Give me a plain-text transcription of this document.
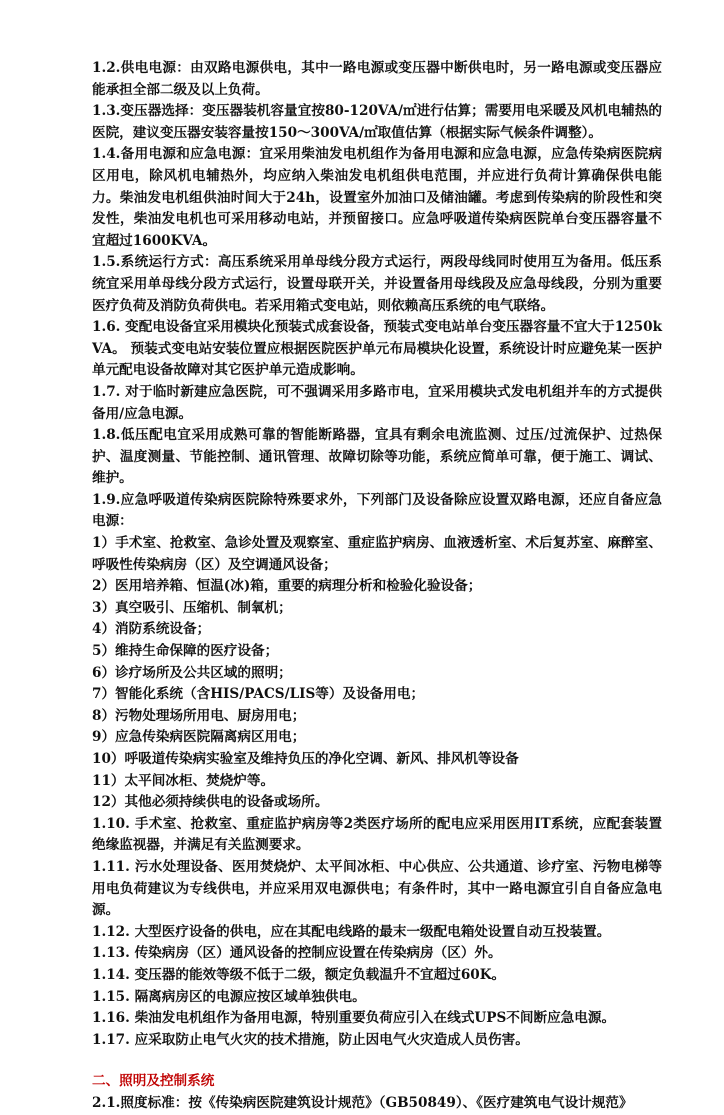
1.2.供电电源：由双路电源供电，其中一路电源或变压器中断供电时，另一路电源或变压器应能承担全部二级及以上负荷。

1.3.变压器选择：变压器装机容量宜按80-120VA/㎡进行估算；需要用电采暖及风机电辅热的医院，建议变压器安装容量按150～300VA/㎡取值估算（根据实际气候条件调整）。

1.4.备用电源和应急电源：宜采用柴油发电机组作为备用电源和应急电源，应急传染病医院病区用电，除风机电辅热外，均应纳入柴油发电机组供电范围，并应进行负荷计算确保供电能力。柴油发电机组供油时间大于24h，设置室外加油口及储油罐。考虑到传染病的阶段性和突发性，柴油发电机也可采用移动电站，并预留接口。应急呼吸道传染病医院单台变压器容量不宜超过1600KVA。

1.5.系统运行方式：高压系统采用单母线分段方式运行，两段母线同时使用互为备用。低压系统宜采用单母线分段方式运行，设置母联开关，并设置备用母线段及应急母线段，分别为重要医疗负荷及消防负荷供电。若采用箱式变电站，则依赖高压系统的电气联络。

1.6. 变配电设备宜采用模块化预装式成套设备，预装式变电站单台变压器容量不宜大于1250kVA。 预装式变电站安装位置应根据医院医护单元布局模块化设置，系统设计时应避免某一医护单元配电设备故障对其它医护单元造成影响。

1.7. 对于临时新建应急医院，可不强调采用多路市电，宜采用模块式发电机组并车的方式提供备用/应急电源。

1.8.低压配电宜采用成熟可靠的智能断路器，宜具有剩余电流监测、过压/过流保护、过热保护、温度测量、节能控制、通讯管理、故障切除等功能，系统应简单可靠，便于施工、调试、维护。

1.9.应急呼吸道传染病医院除特殊要求外，下列部门及设备除应设置双路电源，还应自备应急电源：

1）手术室、抢救室、急诊处置及观察室、重症监护病房、血液透析室、术后复苏室、麻醉室、呼吸性传染病房（区）及空调通风设备；

2）医用培养箱、恒温(冰)箱，重要的病理分析和检验化验设备；

3）真空吸引、压缩机、制氧机；

4）消防系统设备；

5）维持生命保障的医疗设备；

6）诊疗场所及公共区域的照明；

7）智能化系统（含HIS/PACS/LIS等）及设备用电；

8）污物处理场所用电、厨房用电；

9）应急传染病医院隔离病区用电；

10）呼吸道传染病实验室及维持负压的净化空调、新风、排风机等设备

11）太平间冰柜、焚烧炉等。

12）其他必须持续供电的设备或场所。

1.10. 手术室、抢救室、重症监护病房等2类医疗场所的配电应采用医用IT系统，应配套装置绝缘监视器，并满足有关监测要求。

1.11. 污水处理设备、医用焚烧炉、太平间冰柜、中心供应、公共通道、诊疗室、污物电梯等用电负荷建议为专线供电，并应采用双电源供电；有条件时，其中一路电源宜引自自备应急电源。

1.12. 大型医疗设备的供电，应在其配电线路的最末一级配电箱处设置自动互投装置。

1.13. 传染病房（区）通风设备的控制应设置在传染病房（区）外。

1.14. 变压器的能效等级不低于二级，额定负载温升不宜超过60K。

1.15. 隔离病房区的电源应按区域单独供电。

1.16. 柴油发电机组作为备用电源，特别重要负荷应引入在线式UPS不间断应急电源。

1.17. 应采取防止电气火灾的技术措施，防止因电气火灾造成人员伤害。

二、照明及控制系统

2.1.照度标准：按《传染病医院建筑设计规范》（GB50849）、《医疗建筑电气设计规范》
